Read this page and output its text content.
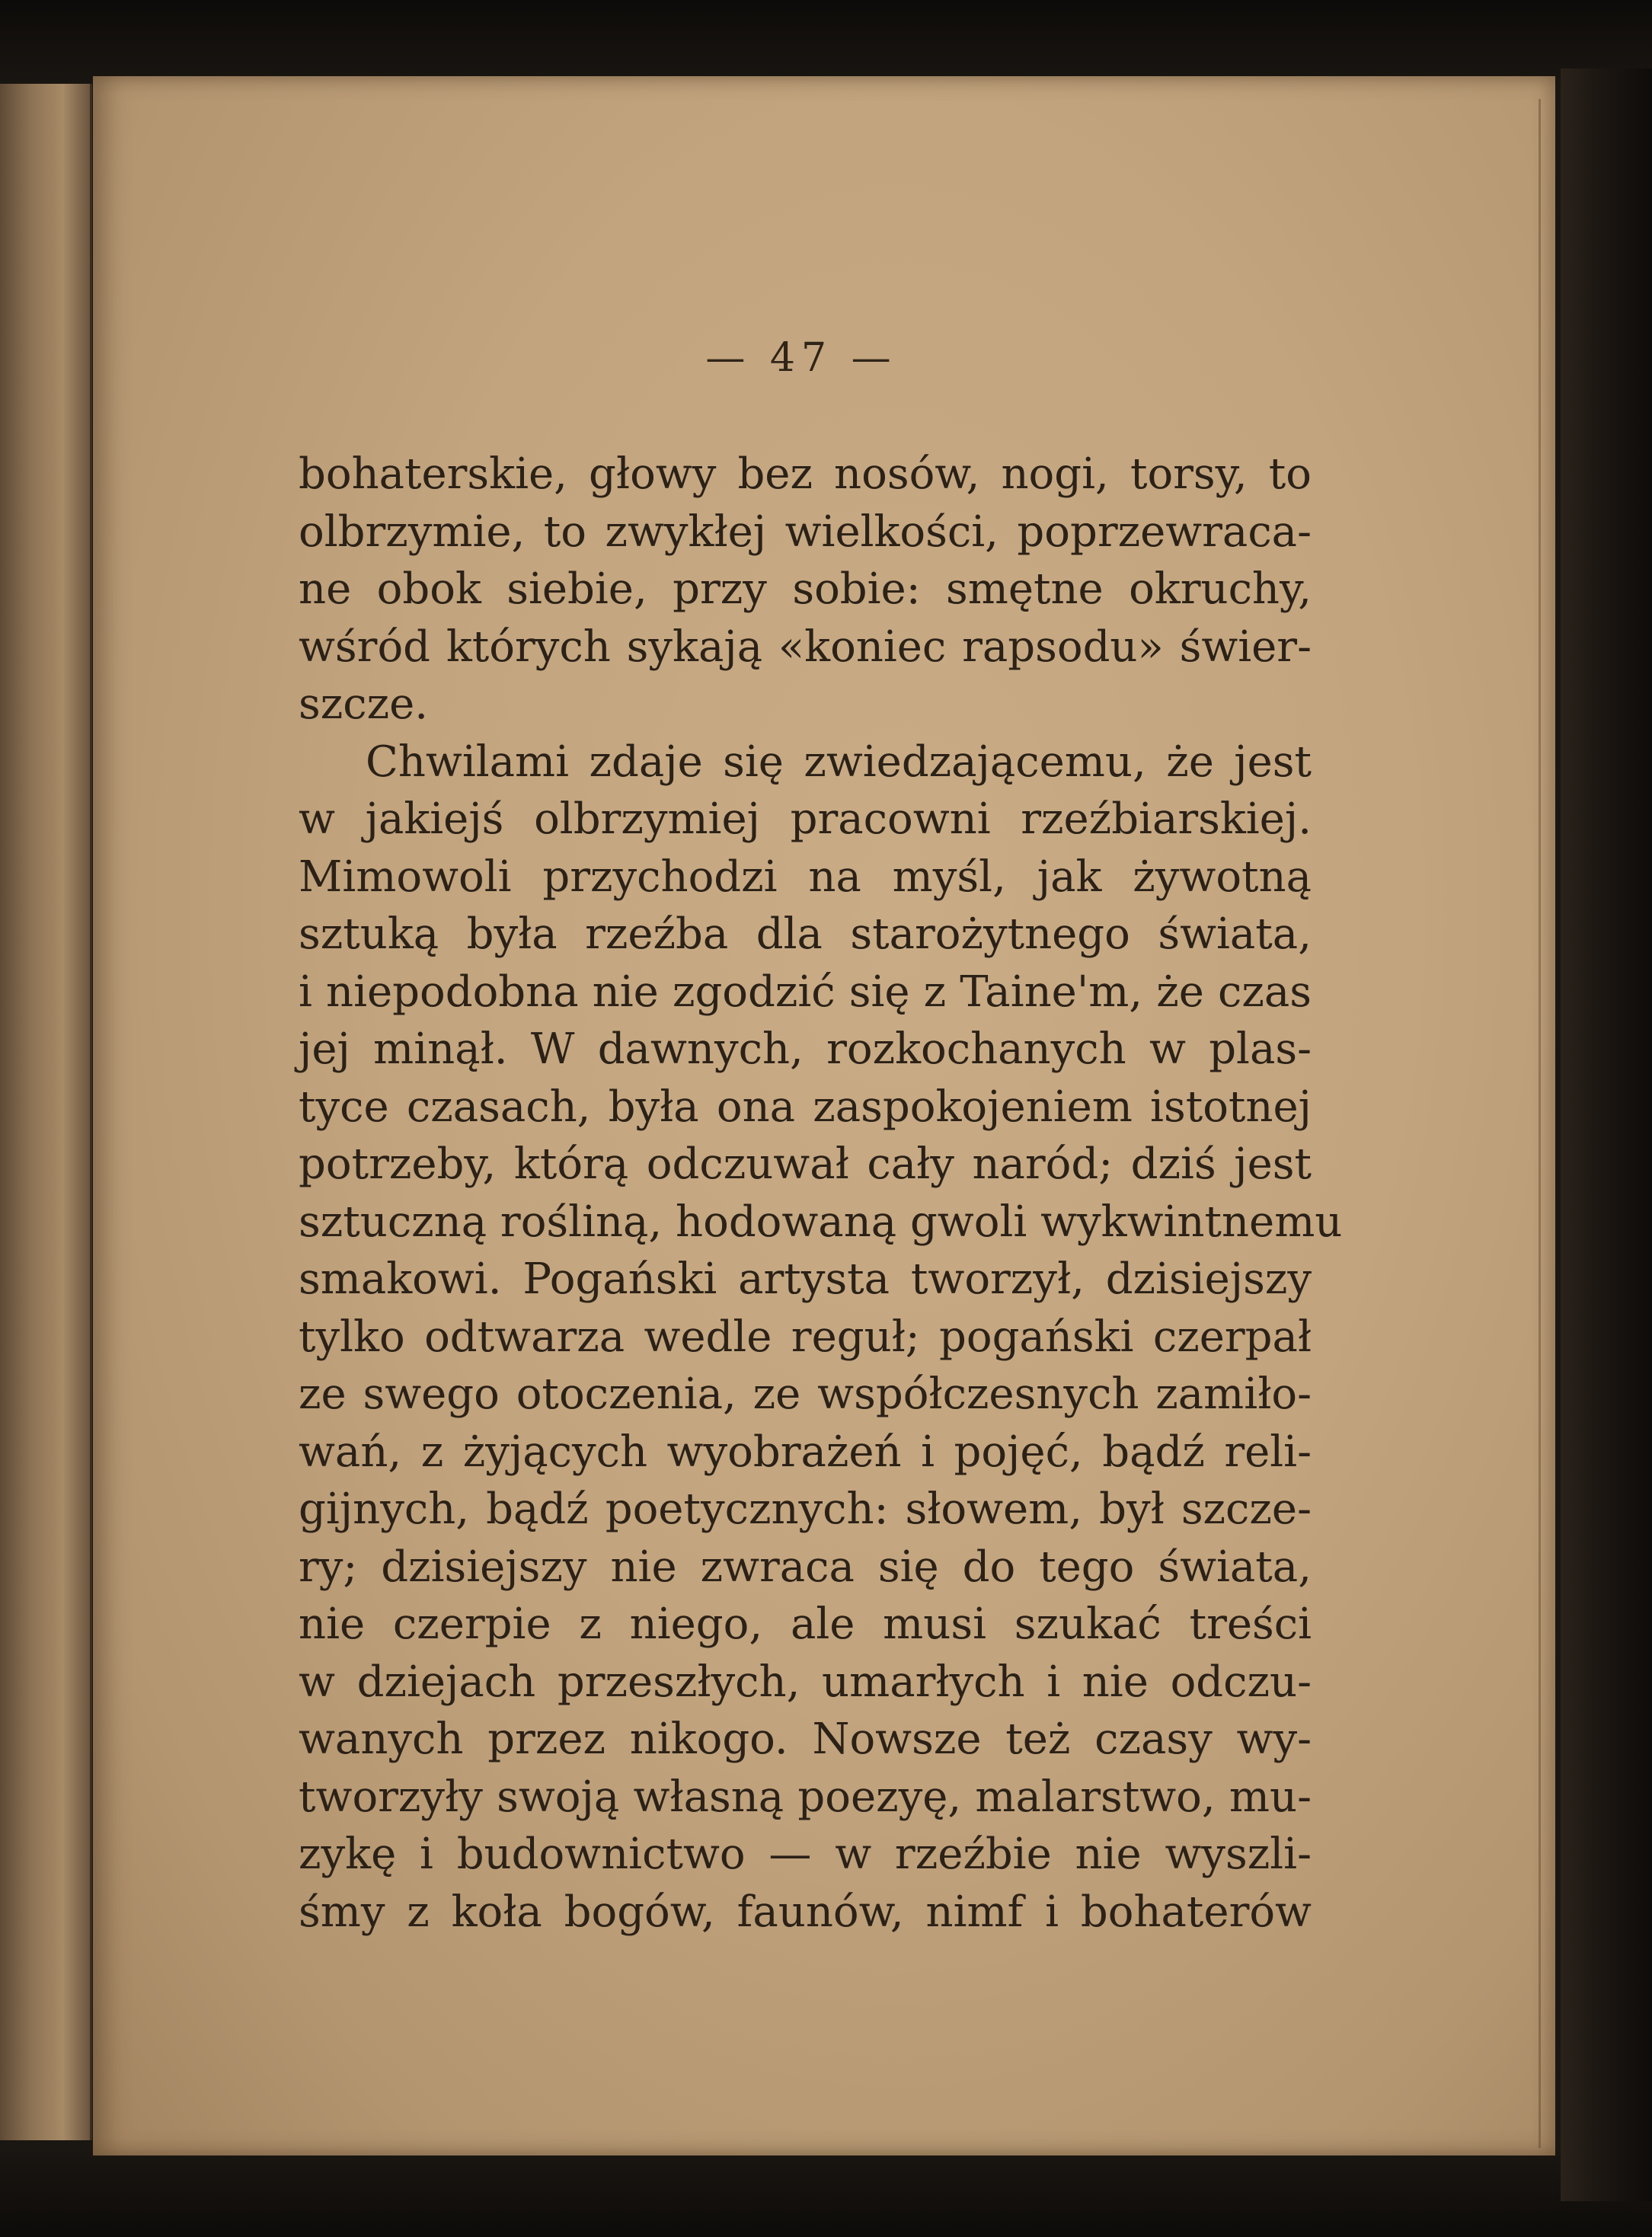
— 47 —
bohaterskie, głowy bez nosów, nogi, torsy, to
olbrzymie, to zwykłej wielkości, poprzewraca-
ne obok siebie, przy sobie: smętne okruchy,
wśród których sykają «koniec rapsodu» świer-
szcze.
Chwilami zdaje się zwiedzającemu, że jest
w jakiejś olbrzymiej pracowni rzeźbiarskiej.
Mimowoli przychodzi na myśl, jak żywotną
sztuką była rzeźba dla starożytnego świata,
i niepodobna nie zgodzić się z Taine'm, że czas
jej minął. W dawnych, rozkochanych w plas-
tyce czasach, była ona zaspokojeniem istotnej
potrzeby, którą odczuwał cały naród; dziś jest
sztuczną rośliną, hodowaną gwoli wykwintnemu
smakowi. Pogański artysta tworzył, dzisiejszy
tylko odtwarza wedle reguł; pogański czerpał
ze swego otoczenia, ze współczesnych zamiło-
wań, z żyjących wyobrażeń i pojęć, bądź reli-
gijnych, bądź poetycznych: słowem, był szcze-
ry; dzisiejszy nie zwraca się do tego świata,
nie czerpie z niego, ale musi szukać treści
w dziejach przeszłych, umarłych i nie odczu-
wanych przez nikogo. Nowsze też czasy wy-
tworzyły swoją własną poezyę, malarstwo, mu-
zykę i budownictwo — w rzeźbie nie wyszli-
śmy z koła bogów, faunów, nimf i bohaterów
